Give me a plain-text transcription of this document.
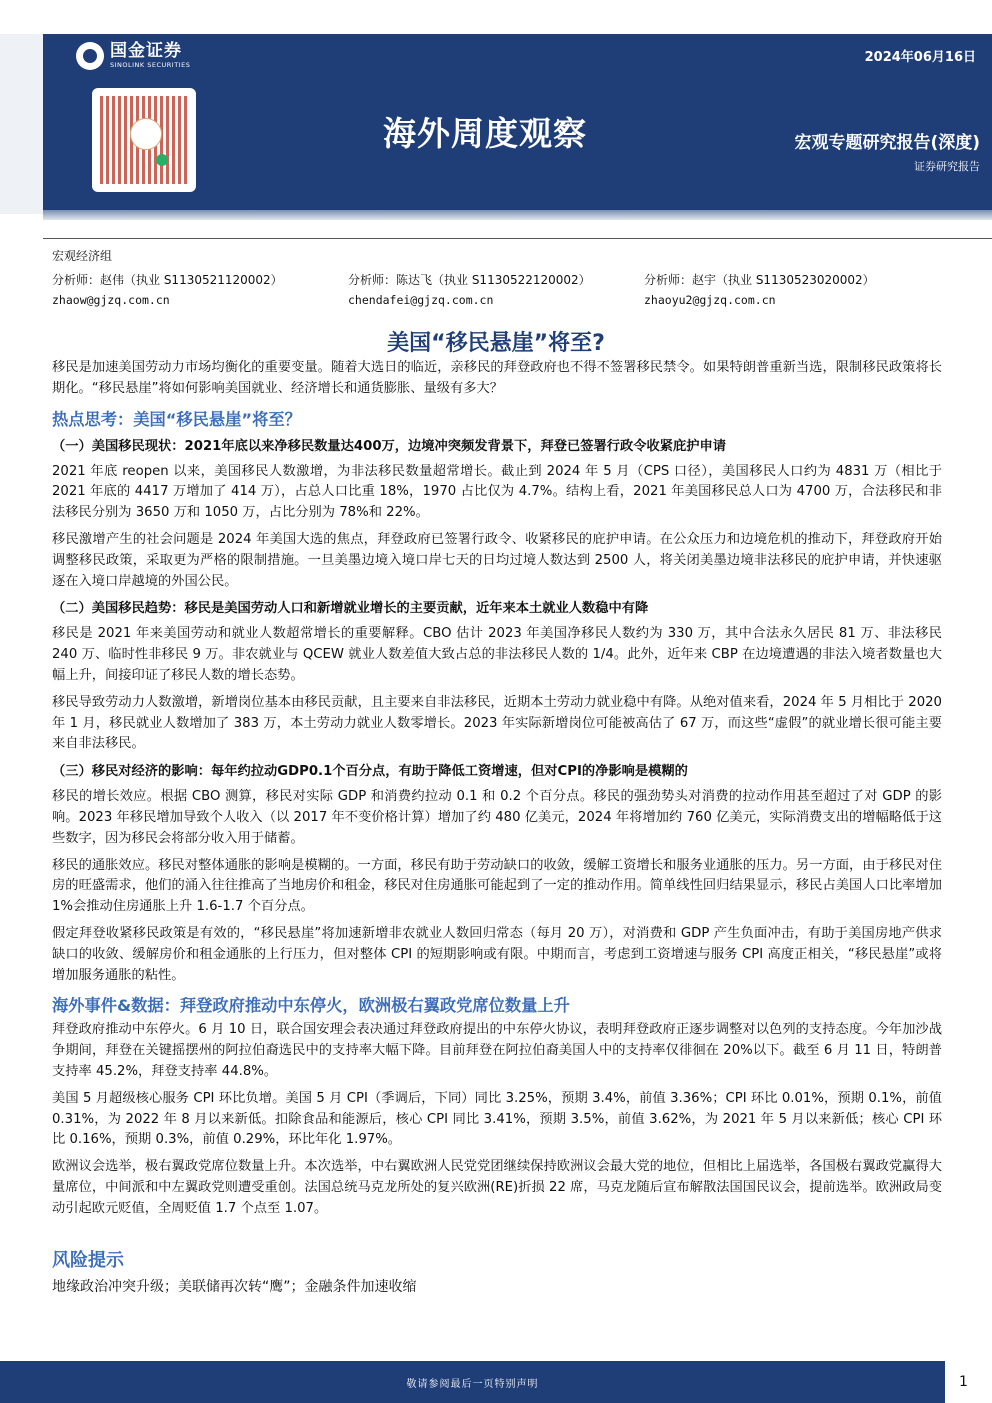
国金证券
SINOLINK SECURITIES	2024年06月16日
海外周度观察	宏观专题研究报告(深度)
证券研究报告
宏观经济组
分析师：赵伟（执业 S1130521120002）
zhaow@gjzq.com.cn
分析师：陈达飞（执业 S1130522120002）
chendafei@gjzq.com.cn
分析师：赵宇（执业 S1130523020002）
zhaoyu2@gjzq.com.cn
美国“移民悬崖”将至?

移民是加速美国劳动力市场均衡化的重要变量。随着大选日的临近，亲移民的拜登政府也不得不签署移民禁令。如果特朗普重新当选，限制移民政策将长期化。“移民悬崖”将如何影响美国就业、经济增长和通货膨胀、量级有多大？

热点思考：美国“移民悬崖”将至？
（一）美国移民现状：2021年底以来净移民数量达400万，边境冲突频发背景下，拜登已签署行政令收紧庇护申请

2021 年底 reopen 以来，美国移民人数激增，为非法移民数量超常增长。截止到 2024 年 5 月（CPS 口径），美国移民人口约为 4831 万（相比于 2021 年底的 4417 万增加了 414 万），占总人口比重 18%，1970 占比仅为 4.7%。结构上看，2021 年美国移民总人口为 4700 万，合法移民和非法移民分别为 3650 万和 1050 万，占比分别为 78%和 22%。

移民激增产生的社会问题是 2024 年美国大选的焦点，拜登政府已签署行政令、收紧移民的庇护申请。在公众压力和边境危机的推动下，拜登政府开始调整移民政策，采取更为严格的限制措施。一旦美墨边境入境口岸七天的日均过境人数达到 2500 人，将关闭美墨边境非法移民的庇护申请，并快速驱逐在入境口岸越境的外国公民。

（二）美国移民趋势：移民是美国劳动人口和新增就业增长的主要贡献，近年来本土就业人数稳中有降

移民是 2021 年来美国劳动和就业人数超常增长的重要解释。CBO 估计 2023 年美国净移民人数约为 330 万，其中合法永久居民 81 万、非法移民 240 万、临时性非移民 9 万。非农就业与 QCEW 就业人数差值大致占总的非法移民人数的 1/4。此外，近年来 CBP 在边境遭遇的非法入境者数量也大幅上升，间接印证了移民人数的增长态势。

移民导致劳动力人数激增，新增岗位基本由移民贡献，且主要来自非法移民，近期本土劳动力就业稳中有降。从绝对值来看，2024 年 5 月相比于 2020 年 1 月，移民就业人数增加了 383 万，本土劳动力就业人数零增长。2023 年实际新增岗位可能被高估了 67 万，而这些“虚假”的就业增长很可能主要来自非法移民。

（三）移民对经济的影响：每年约拉动GDP0.1个百分点，有助于降低工资增速，但对CPI的净影响是模糊的

移民的增长效应。根据 CBO 测算，移民对实际 GDP 和消费约拉动 0.1 和 0.2 个百分点。移民的强劲势头对消费的拉动作用甚至超过了对 GDP 的影响。2023 年移民增加导致个人收入（以 2017 年不变价格计算）增加了约 480 亿美元，2024 年将增加约 760 亿美元，实际消费支出的增幅略低于这些数字，因为移民会将部分收入用于储蓄。

移民的通胀效应。移民对整体通胀的影响是模糊的。一方面，移民有助于劳动缺口的收敛，缓解工资增长和服务业通胀的压力。另一方面，由于移民对住房的旺盛需求，他们的涌入往往推高了当地房价和租金，移民对住房通胀可能起到了一定的推动作用。简单线性回归结果显示，移民占美国人口比率增加 1%会推动住房通胀上升 1.6-1.7 个百分点。

假定拜登收紧移民政策是有效的，“移民悬崖”将加速新增非农就业人数回归常态（每月 20 万），对消费和 GDP 产生负面冲击，有助于美国房地产供求缺口的收敛、缓解房价和租金通胀的上行压力，但对整体 CPI 的短期影响或有限。中期而言，考虑到工资增速与服务 CPI 高度正相关，“移民悬崖”或将增加服务通胀的粘性。

海外事件&数据：拜登政府推动中东停火，欧洲极右翼政党席位数量上升

拜登政府推动中东停火。6 月 10 日，联合国安理会表决通过拜登政府提出的中东停火协议，表明拜登政府正逐步调整对以色列的支持态度。今年加沙战争期间，拜登在关键摇摆州的阿拉伯裔选民中的支持率大幅下降。目前拜登在阿拉伯裔美国人中的支持率仅徘徊在 20%以下。截至 6 月 11 日，特朗普支持率 45.2%，拜登支持率 44.8%。

美国 5 月超级核心服务 CPI 环比负增。美国 5 月 CPI（季调后，下同）同比 3.25%，预期 3.4%，前值 3.36%；CPI 环比 0.01%，预期 0.1%，前值 0.31%，为 2022 年 8 月以来新低。扣除食品和能源后，核心 CPI 同比 3.41%，预期 3.5%，前值 3.62%，为 2021 年 5 月以来新低；核心 CPI 环比 0.16%，预期 0.3%，前值 0.29%，环比年化 1.97%。

欧洲议会选举，极右翼政党席位数量上升。本次选举，中右翼欧洲人民党党团继续保持欧洲议会最大党的地位，但相比上届选举，各国极右翼政党赢得大量席位，中间派和中左翼政党则遭受重创。法国总统马克龙所处的复兴欧洲(RE)折损 22 席，马克龙随后宣布解散法国国民议会，提前选举。欧洲政局变动引起欧元贬值，全周贬值 1.7 个点至 1.07。

风险提示
地缘政治冲突升级；美联储再次转“鹰”；金融条件加速收缩
敬请参阅最后一页特别声明	1
